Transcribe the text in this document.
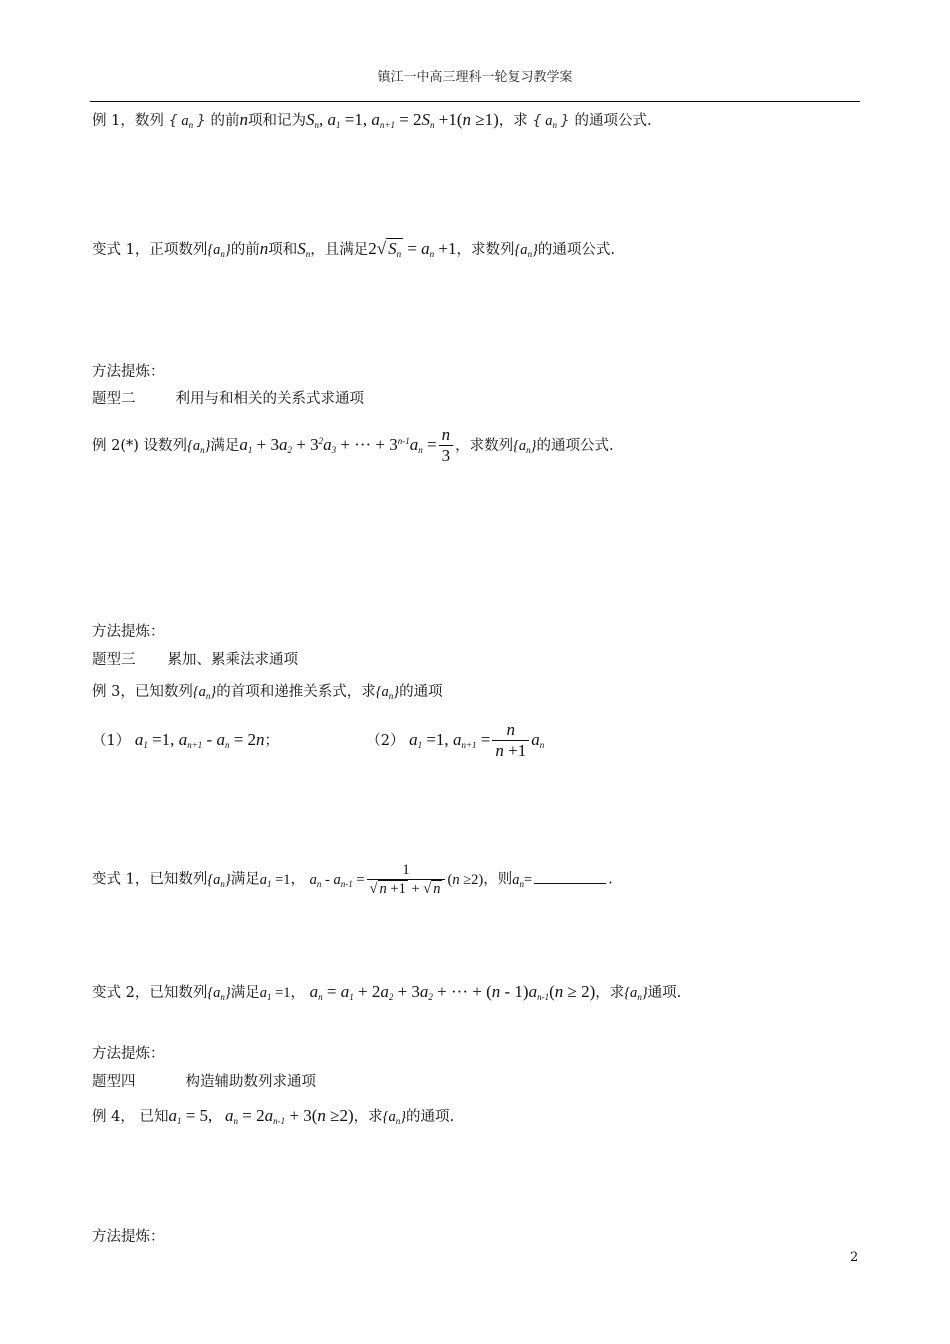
镇江一中高三理科一轮复习教学案
例 1，数列 { $a_n$ } 的前n项和记为$S_n$, $a_1 =1$, $a_{n+1} = 2S_n +1(n \ge 1)$，求 { $a_n$ } 的通项公式.
变式 1，正项数列$\{a_n\}$的前n项和$S_n$，且满足2√ $S_n = a_n +1$，求数列$\{a_n\}$的通项公式.
方法提炼：
题型二	利用与和相关的关系式求通项
例 2(*) 设数列$\{a_n\}$满足$a_1 + 3a_2 + 3^2a_3$ + ··· + $3^{n-1}a_n = \frac{n}{3}$ ，求数列$\{a_n\}$的通项公式.
方法提炼：
题型三 累加、累乘法求通项
例 3，已知数列$\{a_n\}$的首项和递推关系式，求$\{a_n\}$的通项
（1） $a_1 =1$, $a_{n+1} - a_n = 2n$；	（2） $a_1 =1$, $a_{n+1} = \frac{n}{n +1} a_n$
变式 1，已知数列$\{a_n\}$满足$a_1 =1$， $a_n - a_{n-1} = \frac{1}{√ n +1 + √ n} (n \ge 2)$，则$a_n=$	.
变式 2，已知数列$\{a_n\}$满足$a_1 =1$， $a_n = a_1 + 2a_2 + 3a_2$ + ··· + $(n - 1)a_{n-1}(n \ge 2)$，求$\{a_n\}$通项.
方法提炼：
题型四	构造辅助数列求通项
例 4， 已知$a_1 = 5$,   $a_n = 2a_{n-1} + 3(n \ge 2)$，求$\{a_n\}$的通项.
方法提炼：
2
